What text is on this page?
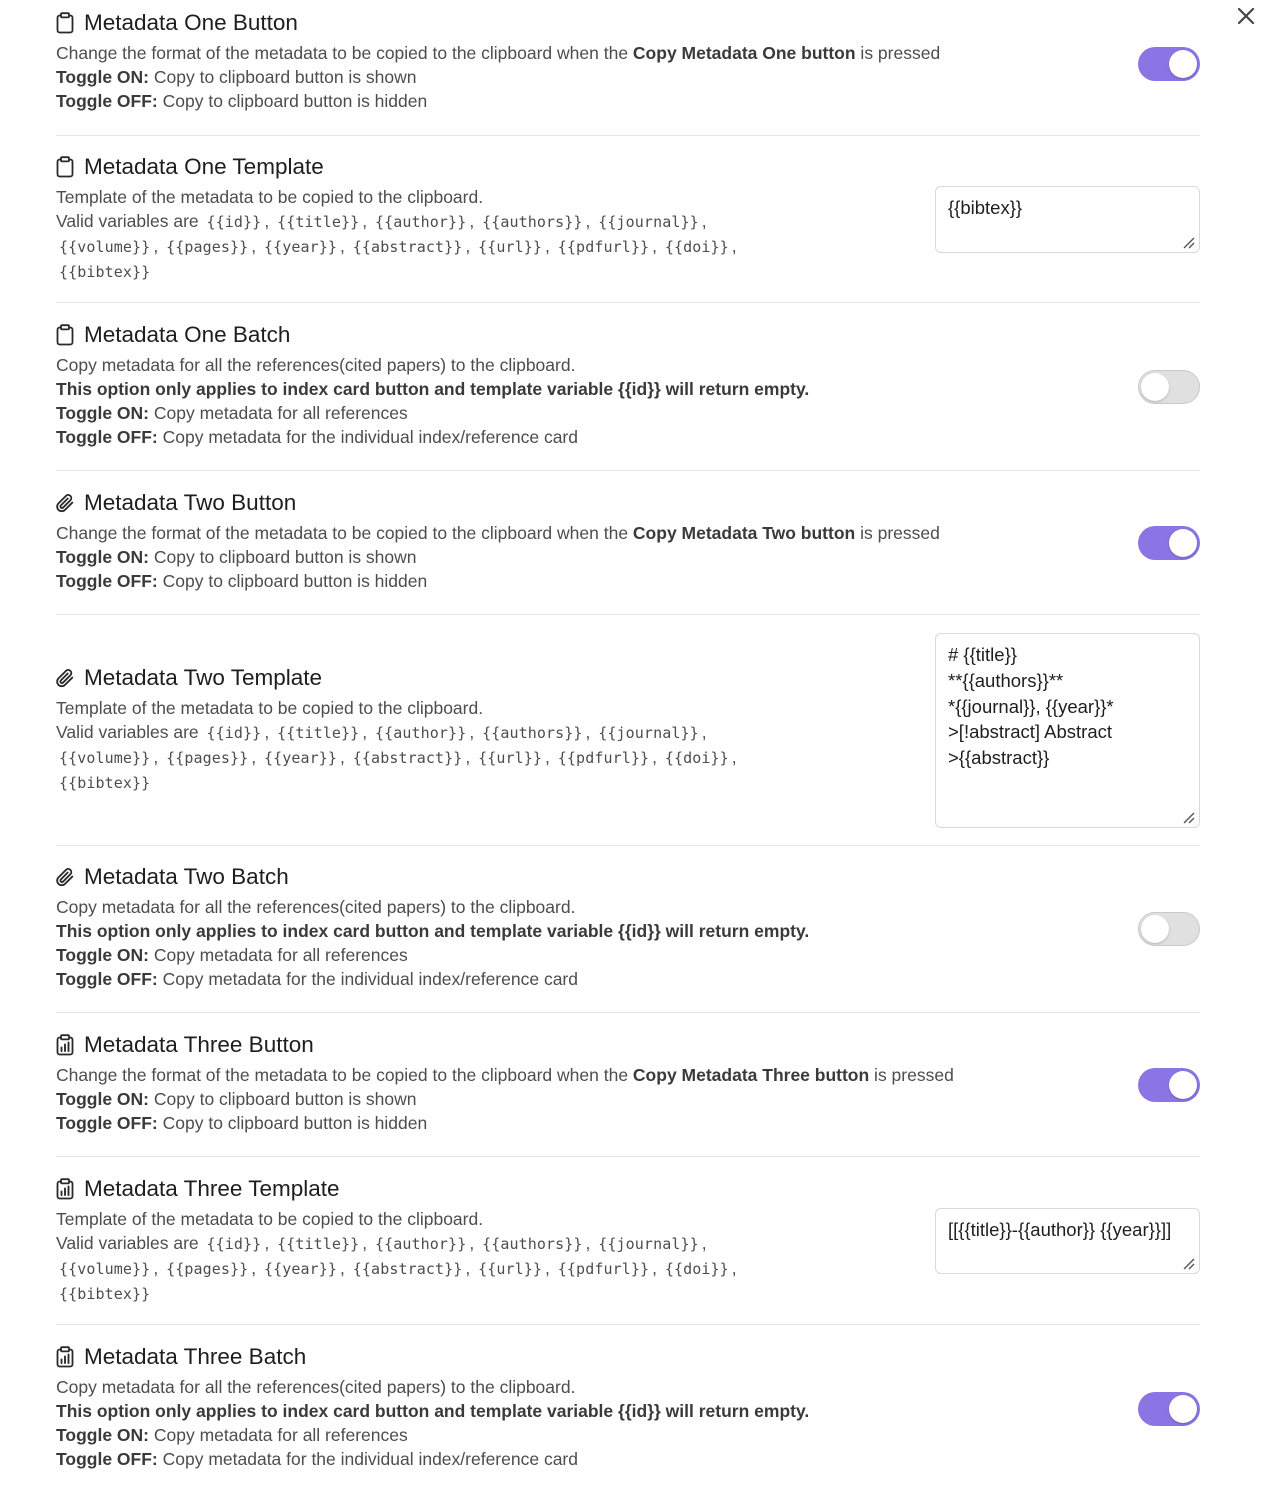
Metadata One Button
Change the format of the metadata to be copied to the clipboard when the Copy Metadata One button is pressed
Toggle ON: Copy to clipboard button is shown
Toggle OFF: Copy to clipboard button is hidden
Metadata One Template
Template of the metadata to be copied to the clipboard.
Valid variables are {{id}} , {{title}} , {{author}} , {{authors}} , {{journal}} ,
{{volume}} , {{pages}} , {{year}} , {{abstract}} , {{url}} , {{pdfurl}} , {{doi}} ,
{{bibtex}}
{{bibtex}}
Metadata One Batch
Copy metadata for all the references(cited papers) to the clipboard.
This option only applies to index card button and template variable {{id}} will return empty.
Toggle ON: Copy metadata for all references
Toggle OFF: Copy metadata for the individual index/reference card
Metadata Two Button
Change the format of the metadata to be copied to the clipboard when the Copy Metadata Two button is pressed
Toggle ON: Copy to clipboard button is shown
Toggle OFF: Copy to clipboard button is hidden
Metadata Two Template
Template of the metadata to be copied to the clipboard.
Valid variables are {{id}} , {{title}} , {{author}} , {{authors}} , {{journal}} ,
{{volume}} , {{pages}} , {{year}} , {{abstract}} , {{url}} , {{pdfurl}} , {{doi}} ,
{{bibtex}}
# {{title}} **{{authors}}** *{{journal}}, {{year}}* >[!abstract] Abstract >{{abstract}}
Metadata Two Batch
Copy metadata for all the references(cited papers) to the clipboard.
This option only applies to index card button and template variable {{id}} will return empty.
Toggle ON: Copy metadata for all references
Toggle OFF: Copy metadata for the individual index/reference card
Metadata Three Button
Change the format of the metadata to be copied to the clipboard when the Copy Metadata Three button is pressed
Toggle ON: Copy to clipboard button is shown
Toggle OFF: Copy to clipboard button is hidden
Metadata Three Template
Template of the metadata to be copied to the clipboard.
Valid variables are {{id}} , {{title}} , {{author}} , {{authors}} , {{journal}} ,
{{volume}} , {{pages}} , {{year}} , {{abstract}} , {{url}} , {{pdfurl}} , {{doi}} ,
{{bibtex}}
[[{{title}}-{{author}} {{year}}]]
Metadata Three Batch
Copy metadata for all the references(cited papers) to the clipboard.
This option only applies to index card button and template variable {{id}} will return empty.
Toggle ON: Copy metadata for all references
Toggle OFF: Copy metadata for the individual index/reference card
